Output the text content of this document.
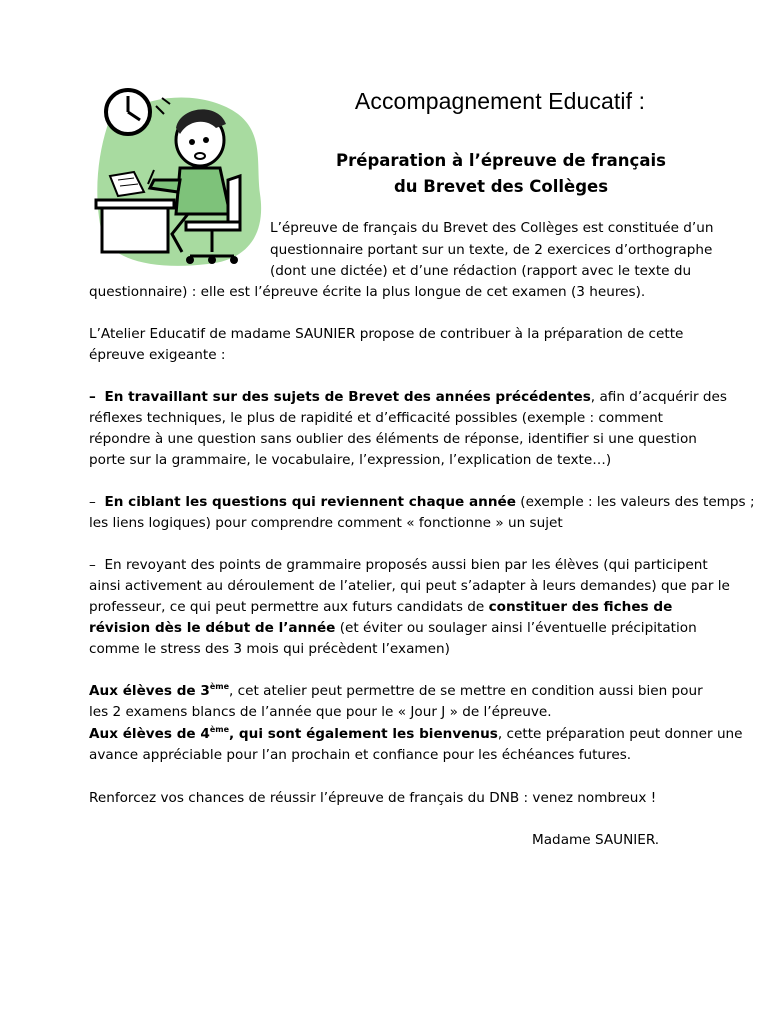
Accompagnement Educatif :
Préparation à l’épreuve de français
du Brevet des Collèges
L’épreuve de français du Brevet des Collèges est constituée d’un
questionnaire portant sur un texte, de 2 exercices d’orthographe
(dont une dictée) et d’une rédaction (rapport avec le texte du
questionnaire) : elle est l’épreuve écrite la plus longue de cet examen (3 heures).
L’Atelier Educatif de madame SAUNIER propose de contribuer à la préparation de cette
épreuve exigeante :
– En travaillant sur des sujets de Brevet des années précédentes, afin d’acquérir des
réflexes techniques, le plus de rapidité et d’efficacité possibles (exemple : comment
répondre à une question sans oublier des éléments de réponse, identifier si une question
porte sur la grammaire, le vocabulaire, l’expression, l’explication de texte…)
– En ciblant les questions qui reviennent chaque année (exemple : les valeurs des temps ;
les liens logiques) pour comprendre comment « fonctionne » un sujet
– En revoyant des points de grammaire proposés aussi bien par les élèves (qui participent
ainsi activement au déroulement de l’atelier, qui peut s’adapter à leurs demandes) que par le
professeur, ce qui peut permettre aux futurs candidats de constituer des fiches de
révision dès le début de l’année (et éviter ou soulager ainsi l’éventuelle précipitation
comme le stress des 3 mois qui précèdent l’examen)
Aux élèves de 3ème, cet atelier peut permettre de se mettre en condition aussi bien pour
les 2 examens blancs de l’année que pour le « Jour J » de l’épreuve.
Aux élèves de 4ème, qui sont également les bienvenus, cette préparation peut donner une
avance appréciable pour l’an prochain et confiance pour les échéances futures.
Renforcez vos chances de réussir l’épreuve de français du DNB : venez nombreux !
Madame SAUNIER.
